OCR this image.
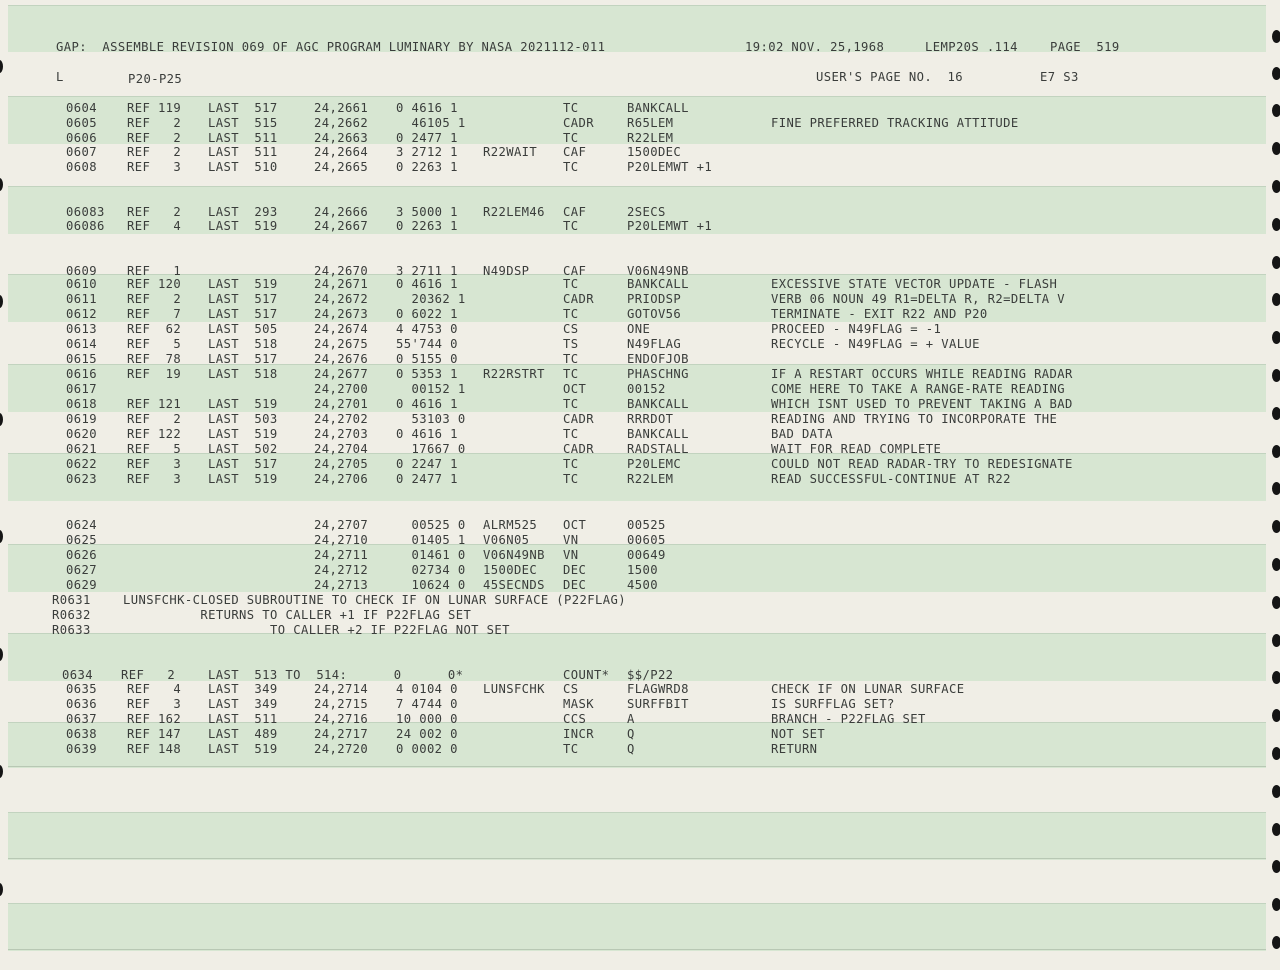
GAP:  ASSEMBLE REVISION 069 OF AGC PROGRAM LUMINARY BY NASA 2021112-011	19:02 NOV. 25,1968	LEMP20S .114	PAGE  519
L	P20-P25	USER'S PAGE NO.  16	E7 S3
0604 REF 119 LAST  517	24,2661 0 4616 1	TC	BANKCALL
0605 REF   2 LAST  515	24,2662 46105 1	CADR	R65LEM	FINE PREFERRED TRACKING ATTITUDE
0606 REF   2 LAST  511	24,2663 0 2477 1	TC	R22LEM
0607 REF   2 LAST  511	24,2664 3 2712 1 R22WAIT CAF	1500DEC
0608 REF   3 LAST  510	24,2665 0 2263 1	TC	P20LEMWT +1
06083 REF   2 LAST  293	24,2666 3 5000 1 R22LEM46 CAF	2SECS
06086 REF   4 LAST  519	24,2667 0 2263 1	TC	P20LEMWT +1
0609 REF   1	24,2670 3 2711 1 N49DSP	CAF	V06N49NB
0610 REF 120 LAST  519	24,2671 0 4616 1	TC	BANKCALL	EXCESSIVE STATE VECTOR UPDATE - FLASH
0611 REF   2 LAST  517	24,2672 20362 1	CADR	PRIODSP	VERB 06 NOUN 49 R1=DELTA R, R2=DELTA V
0612 REF   7 LAST  517	24,2673 0 6022 1	TC	GOTOV56	TERMINATE - EXIT R22 AND P20
0613 REF  62 LAST  505	24,2674 4 4753 0	CS	ONE	PROCEED - N49FLAG = -1
0614 REF   5 LAST  518	24,2675 55'744 0	TS	N49FLAG	RECYCLE - N49FLAG = + VALUE
0615 REF  78 LAST  517	24,2676 0 5155 0	TC	ENDOFJOB
0616 REF  19 LAST  518	24,2677 0 5353 1 R22RSTRT TC	PHASCHNG	IF A RESTART OCCURS WHILE READING RADAR
0617	24,2700 00152 1	OCT	00152	COME HERE TO TAKE A RANGE-RATE READING
0618 REF 121 LAST  519	24,2701 0 4616 1	TC	BANKCALL	WHICH ISNT USED TO PREVENT TAKING A BAD
0619 REF   2 LAST  503	24,2702 53103 0	CADR	RRRDOT	READING AND TRYING TO INCORPORATE THE
0620 REF 122 LAST  519	24,2703 0 4616 1	TC	BANKCALL	BAD DATA
0621 REF   5 LAST  502	24,2704 17667 0	CADR	RADSTALL	WAIT FOR READ COMPLETE
0622 REF   3 LAST  517	24,2705 0 2247 1	TC	P20LEMC	COULD NOT READ RADAR-TRY TO REDESIGNATE
0623 REF   3 LAST  519	24,2706 0 2477 1	TC	R22LEM	READ SUCCESSFUL-CONTINUE AT R22
0624	24,2707 00525 0 ALRM525 OCT	00525
0625	24,2710 01405 1 V06N05	VN	00605
0626	24,2711 01461 0 V06N49NB VN	00649
0627	24,2712 02734 0 1500DEC DEC	1500
0629	24,2713 10624 0 45SECNDS DEC	4500
0635 REF   4 LAST  349	24,2714 4 0104 0 LUNSFCHK CS	FLAGWRD8	CHECK IF ON LUNAR SURFACE
0636 REF   3 LAST  349	24,2715 7 4744 0	MASK	SURFFBIT	IS SURFFLAG SET?
0637 REF 162 LAST  511	24,2716 10 000 0	CCS	A	BRANCH - P22FLAG SET
0638 REF 147 LAST  489	24,2717 24 002 0	INCR	Q	NOT SET
0639 REF 148 LAST  519	24,2720 0 0002 0	TC	Q	RETURN
R0631	LUNSFCHK-CLOSED SUBROUTINE TO CHECK IF ON LUNAR SURFACE (P22FLAG)
R0632	RETURNS TO CALLER +1 IF P22FLAG SET
R0633	TO CALLER +2 IF P22FLAG NOT SET
0634 REF   2	LAST  513 TO  514:      0      0*	COUNT* $$/P22
